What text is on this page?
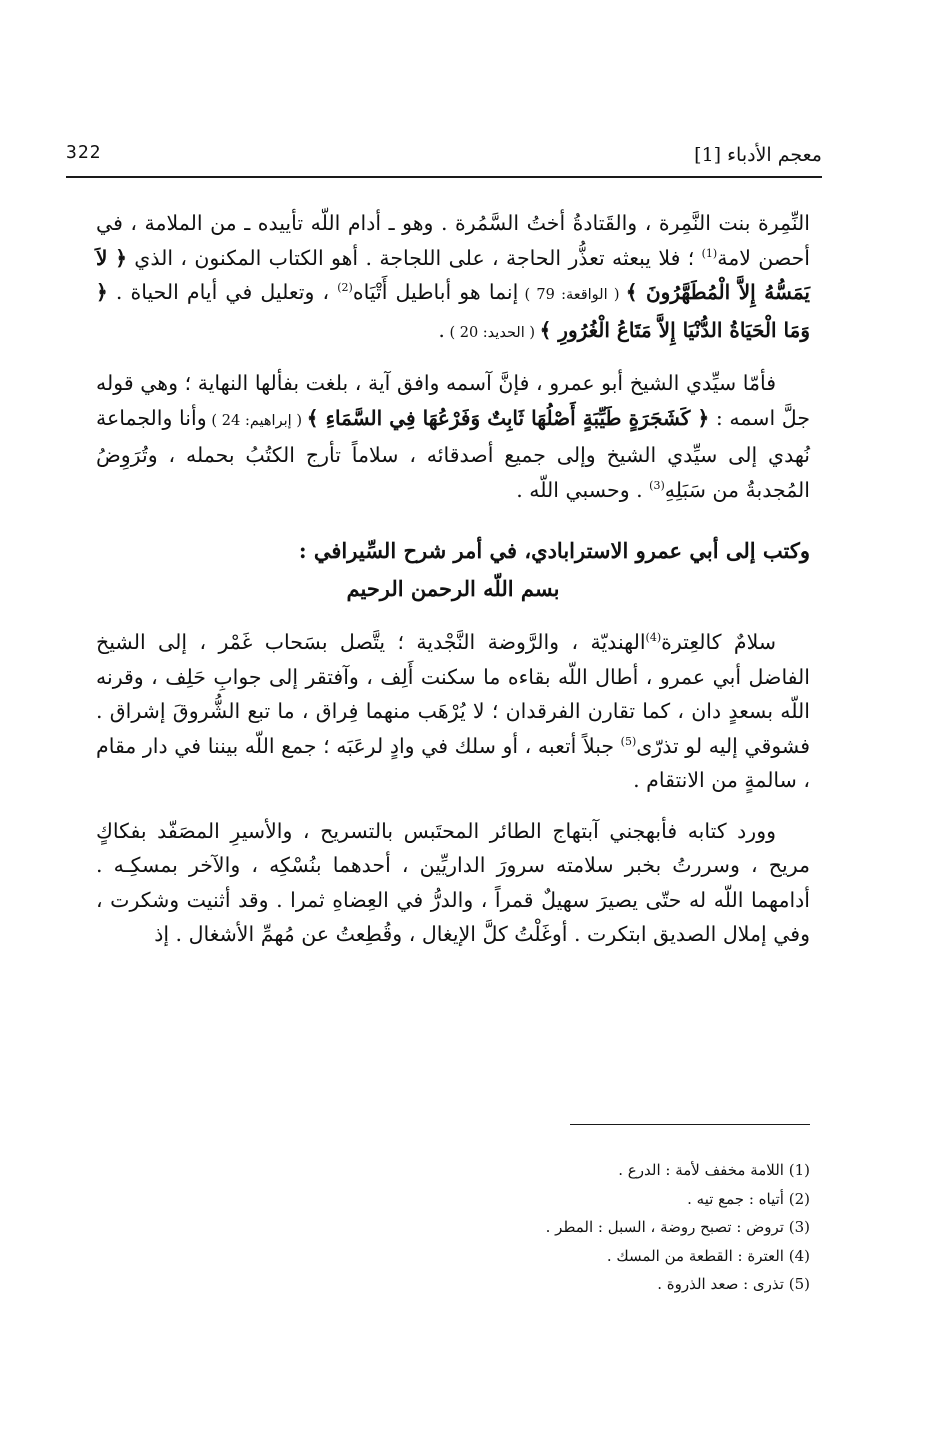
معجم الأدباء [1]
322

النِّمِرة بنت النَّمِرة ، والقَتادةُ أختُ السَّمُرة . وهو ـ أدام اللّه تأييده ـ من الملامة ، في أحصن لامة$^{(1)}$ ؛ فلا يبعثه تعذُّر الحاجة ، على اللجاجة . أهو الكتاب المكنون ، الذي ﴿ لاَ يَمَسُّهُ إِلاَّ الْمُطَهَّرُونَ ﴾ ( الواقعة: 79 ) إنما هو أباطيل أَتْيَاه$^{(2)}$ ، وتعليل في أيام الحياة . ﴿ وَمَا الْحَيَاةُ الدُّنْيَا إِلاَّ مَتَاعُ الْغُرُورِ ﴾ ( الحديد: 20 ) .

فأمّا سيِّدي الشيخ أبو عمرو ، فإنَّ آسمه وافق آية ، بلغت بفألها النهاية ؛ وهي قوله جلَّ اسمه : ﴿ كَشَجَرَةٍ طَيِّبَةٍ أَصْلُهَا ثَابِتٌ وَفَرْعُهَا فِي السَّمَاءِ ﴾ ( إبراهيم: 24 ) وأنا والجماعة نُهدي إلى سيِّدي الشيخ وإلى جميع أصدقائه ، سلاماً تأرج الكتُبُ بحمله ، وتُرَوِضُ المُجدبةُ من سَبَلِهِ$^{(3)}$ . وحسبي اللّه .

وكتب إلى أبي عمرو الاسترابادي، في أمر شرح السِّيرافي :
بسم اللّه الرحمن الرحيم

سلامٌ كالعِترة$^{(4)}$الهنديّة ، والرَّوضة النَّجْدية ؛ يتَّصل بسَحاب غَمْر ، إلى الشيخ الفاضل أبي عمرو ، أطال اللّه بقاءه ما سكنت أَلِف ، وآفتقر إلى جوابِ حَلِف ، وقرنه اللّه بسعدٍ دان ، كما تقارن الفرقدان ؛ لا يُرْهَب منهما فِراق ، ما تبع الشُّروقَ إشراق . فشوقي إليه لو تذرّى$^{(5)}$ جبلاً أتعبه ، أو سلك في وادٍ لرعَبَه ؛ جمع اللّه بيننا في دار مقام ، سالمةٍ من الانتقام .

وورد كتابه فأبهجني آبتهاج الطائر المحتَبس بالتسريح ، والأسيرِ المصَفّد بفكاكٍ مريح ، وسررتُ بخبر سلامته سرورَ الداريِّين ، أحدهما بنُسْكِه ، والآخر بمسكِـه . أدامهما اللّه له حتّى يصيرَ سهيلٌ قمراً ، والدرُّ في العِضاهِ ثمرا . وقد أثنيت وشكرت ، وفي إملال الصديق ابتكرت . أوغَلْتُ كلَّ الإيغال ، وقُطِعتُ عن مُهمِّ الأشغال . إذ

(1) اللامة مخفف لأمة : الدرع .
(2) أتياه : جمع تيه .
(3) تروض : تصبح روضة ، السبل : المطر .
(4) العترة : القطعة من المسك .
(5) تذرى : صعد الذروة .
